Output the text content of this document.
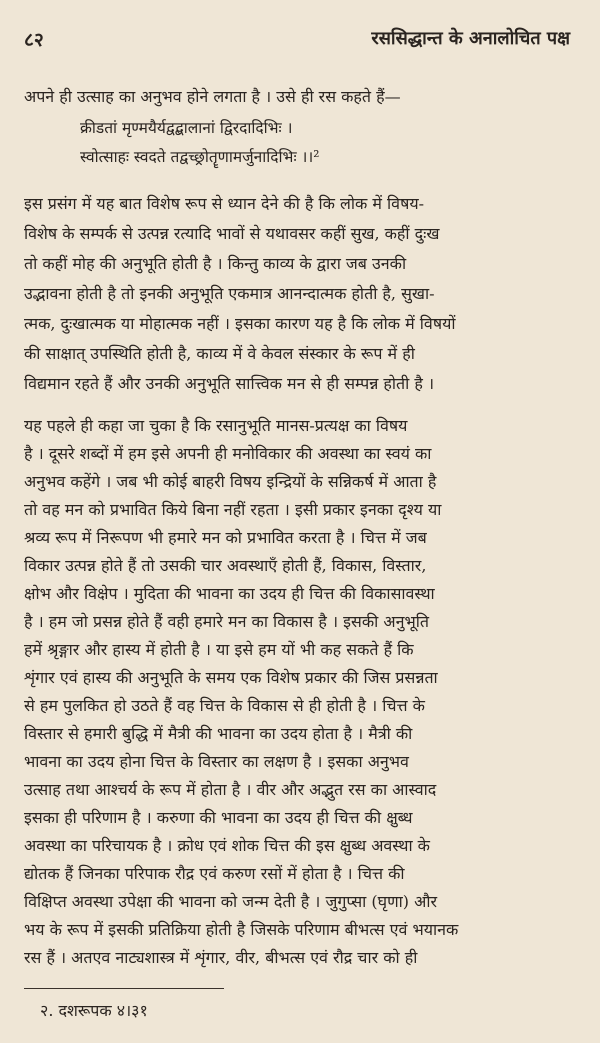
८२	रससिद्धान्त के अनालोचित पक्ष
अपने ही उत्साह का अनुभव होने लगता है । उसे ही रस कहते हैं—
क्रीडतां मृण्मयैर्यद्वद्बालानां द्विरदादिभिः ।
स्वोत्साहः स्वदते तद्वच्छ्रोतॄणामर्जुनादिभिः ।।²
इस प्रसंग में यह बात विशेष रूप से ध्यान देने की है कि लोक में विषय-
विशेष के सम्पर्क से उत्पन्न रत्यादि भावों से यथावसर कहीं सुख, कहीं दुःख
तो कहीं मोह की अनुभूति होती है । किन्तु काव्य के द्वारा जब उनकी
उद्भावना होती है तो इनकी अनुभूति एकमात्र आनन्दात्मक होती है, सुखा-
त्मक, दुःखात्मक या मोहात्मक नहीं । इसका कारण यह है कि लोक में विषयों
की साक्षात् उपस्थिति होती है, काव्य में वे केवल संस्कार के रूप में ही
विद्यमान रहते हैं और उनकी अनुभूति सात्त्विक मन से ही सम्पन्न होती है ।
यह पहले ही कहा जा चुका है कि रसानुभूति मानस-प्रत्यक्ष का विषय
है । दूसरे शब्दों में हम इसे अपनी ही मनोविकार की अवस्था का स्वयं का
अनुभव कहेंगे । जब भी कोई बाहरी विषय इन्द्रियों के सन्निकर्ष में आता है
तो वह मन को प्रभावित किये बिना नहीं रहता । इसी प्रकार इनका दृश्य या
श्रव्य रूप में निरूपण भी हमारे मन को प्रभावित करता है । चित्त में जब
विकार उत्पन्न होते हैं तो उसकी चार अवस्थाएँ होती हैं, विकास, विस्तार,
क्षोभ और विक्षेप । मुदिता की भावना का उदय ही चित्त की विकासावस्था
है । हम जो प्रसन्न होते हैं वही हमारे मन का विकास है । इसकी अनुभूति
हमें श्रृङ्गार और हास्य में होती है । या इसे हम यों भी कह सकते हैं कि
शृंगार एवं हास्य की अनुभूति के समय एक विशेष प्रकार की जिस प्रसन्नता
से हम पुलकित हो उठते हैं वह चित्त के विकास से ही होती है । चित्त के
विस्तार से हमारी बुद्धि में मैत्री की भावना का उदय होता है । मैत्री की
भावना का उदय होना चित्त के विस्तार का लक्षण है । इसका अनुभव
उत्साह तथा आश्चर्य के रूप में होता है । वीर और अद्भुत रस का आस्वाद
इसका ही परिणाम है । करुणा की भावना का उदय ही चित्त की क्षुब्ध
अवस्था का परिचायक है । क्रोध एवं शोक चित्त की इस क्षुब्ध अवस्था के
द्योतक हैं जिनका परिपाक रौद्र एवं करुण रसों में होता है । चित्त की
विक्षिप्त अवस्था उपेक्षा की भावना को जन्म देती है । जुगुप्सा (घृणा) और
भय के रूप में इसकी प्रतिक्रिया होती है जिसके परिणाम बीभत्स एवं भयानक
रस हैं । अतएव नाट्यशास्त्र में शृंगार, वीर, बीभत्स एवं रौद्र चार को ही
२. दशरूपक ४।३१
